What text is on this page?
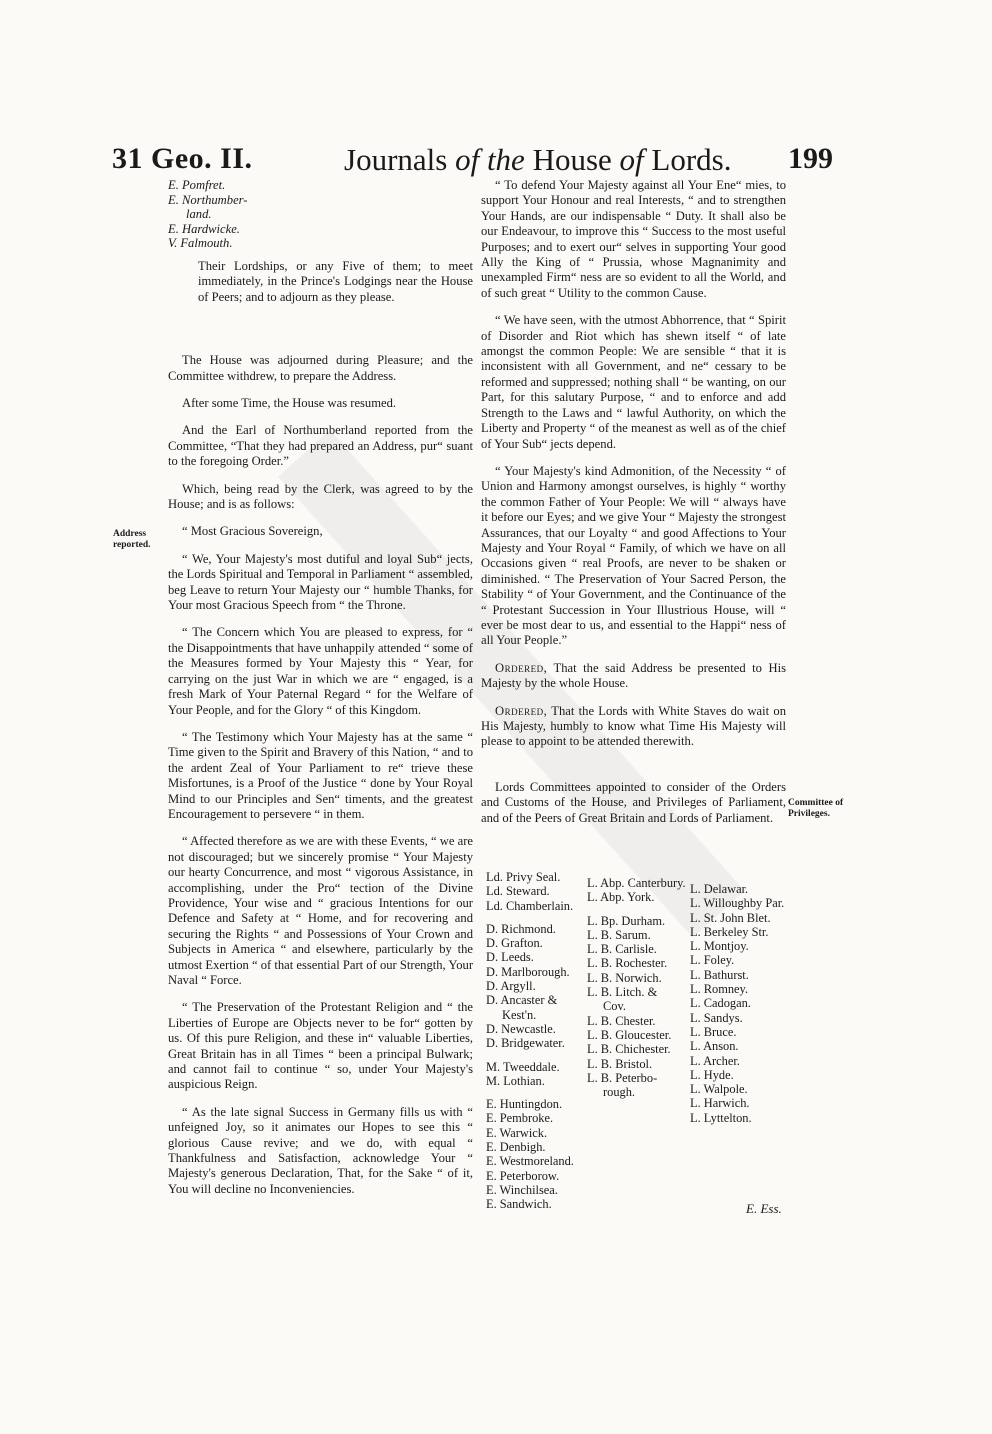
31 Geo. II.	Journals of the House of Lords. 199
E. Pomfret.
E. Northumber-
land.
E. Hardwicke.
V. Falmouth.

Their Lordships, or any Five of them; to meet immediately, in the Prince's Lodgings near the House of Peers; and to adjourn as they please.

The House was adjourned during Pleasure; and the Committee withdrew, to prepare the Address.

After some Time, the House was resumed.

And the Earl of Northumberland reported from the Committee, “That they had prepared an Address, pur“ suant to the foregoing Order.”

Which, being read by the Clerk, was agreed to by the House; and is as follows:

“ Most Gracious Sovereign,

“ We, Your Majesty's most dutiful and loyal Sub“ jects, the Lords Spiritual and Temporal in Parliament “ assembled, beg Leave to return Your Majesty our “ humble Thanks, for Your most Gracious Speech from “ the Throne.

“ The Concern which You are pleased to express, for “ the Disappointments that have unhappily attended “ some of the Measures formed by Your Majesty this “ Year, for carrying on the just War in which we are “ engaged, is a fresh Mark of Your Paternal Regard “ for the Welfare of Your People, and for the Glory “ of this Kingdom.

“ The Testimony which Your Majesty has at the same “ Time given to the Spirit and Bravery of this Nation, “ and to the ardent Zeal of Your Parliament to re“ trieve these Misfortunes, is a Proof of the Justice “ done by Your Royal Mind to our Principles and Sen“ timents, and the greatest Encouragement to persevere “ in them.

“ Affected therefore as we are with these Events, “ we are not discouraged; but we sincerely promise “ Your Majesty our hearty Concurrence, and most “ vigorous Assistance, in accomplishing, under the Pro“ tection of the Divine Providence, Your wise and “ gracious Intentions for our Defence and Safety at “ Home, and for recovering and securing the Rights “ and Possessions of Your Crown and Subjects in America “ and elsewhere, particularly by the utmost Exertion “ of that essential Part of our Strength, Your Naval “ Force.

“ The Preservation of the Protestant Religion and “ the Liberties of Europe are Objects never to be for“ gotten by us. Of this pure Religion, and these in“ valuable Liberties, Great Britain has in all Times “ been a principal Bulwark; and cannot fail to continue “ so, under Your Majesty's auspicious Reign.

“ As the late signal Success in Germany fills us with “ unfeigned Joy, so it animates our Hopes to see this “ glorious Cause revive; and we do, with equal “ Thankfulness and Satisfaction, acknowledge Your “ Majesty's generous Declaration, That, for the Sake “ of it, You will decline no Inconveniencies.

Address reported.

“ To defend Your Majesty against all Your Ene“ mies, to support Your Honour and real Interests, “ and to strengthen Your Hands, are our indispensable “ Duty. It shall also be our Endeavour, to improve this “ Success to the most useful Purposes; and to exert our“ selves in supporting Your good Ally the King of “ Prussia, whose Magnanimity and unexampled Firm“ ness are so evident to all the World, and of such great “ Utility to the common Cause.

“ We have seen, with the utmost Abhorrence, that “ Spirit of Disorder and Riot which has shewn itself “ of late amongst the common People: We are sensible “ that it is inconsistent with all Government, and ne“ cessary to be reformed and suppressed; nothing shall “ be wanting, on our Part, for this salutary Purpose, “ and to enforce and add Strength to the Laws and “ lawful Authority, on which the Liberty and Property “ of the meanest as well as of the chief of Your Sub“ jects depend.

“ Your Majesty's kind Admonition, of the Necessity “ of Union and Harmony amongst ourselves, is highly “ worthy the common Father of Your People: We will “ always have it before our Eyes; and we give Your “ Majesty the strongest Assurances, that our Loyalty “ and good Affections to Your Majesty and Your Royal “ Family, of which we have on all Occasions given “ real Proofs, are never to be shaken or diminished. “ The Preservation of Your Sacred Person, the Stability “ of Your Government, and the Continuance of the “ Protestant Succession in Your Illustrious House, will “ ever be most dear to us, and essential to the Happi“ ness of all Your People.”

Ordered, That the said Address be presented to His Majesty by the whole House.

Ordered, That the Lords with White Staves do wait on His Majesty, humbly to know what Time His Majesty will please to appoint to be attended therewith.

Lords Committees appointed to consider of the Orders and Customs of the House, and Privileges of Parliament, and of the Peers of Great Britain and Lords of Parliament.

Committee of Privileges.
Ld. Privy Seal.
Ld. Steward.
Ld. Chamberlain.
D. Richmond.
D. Grafton.
D. Leeds.
D. Marlborough.
D. Argyll.
D. Ancaster &
Kest'n.
D. Newcastle.
D. Bridgewater.
M. Tweeddale.
M. Lothian.
E. Huntingdon.
E. Pembroke.
E. Warwick.
E. Denbigh.
E. Westmoreland.
E. Peterborow.
E. Winchilsea.
E. Sandwich.
L. Abp. Canterbury.
L. Abp. York.
L. Bp. Durham.
L. B. Sarum.
L. B. Carlisle.
L. B. Rochester.
L. B. Norwich.
L. B. Litch. &
Cov.
L. B. Chester.
L. B. Gloucester.
L. B. Chichester.
L. B. Bristol.
L. B. Peterbo-
rough.
L. Delawar.
L. Willoughby Par.
L. St. John Blet.
L. Berkeley Str.
L. Montjoy.
L. Foley.
L. Bathurst.
L. Romney.
L. Cadogan.
L. Sandys.
L. Bruce.
L. Anson.
L. Archer.
L. Hyde.
L. Walpole.
L. Harwich.
L. Lyttelton.
E. Ess.
